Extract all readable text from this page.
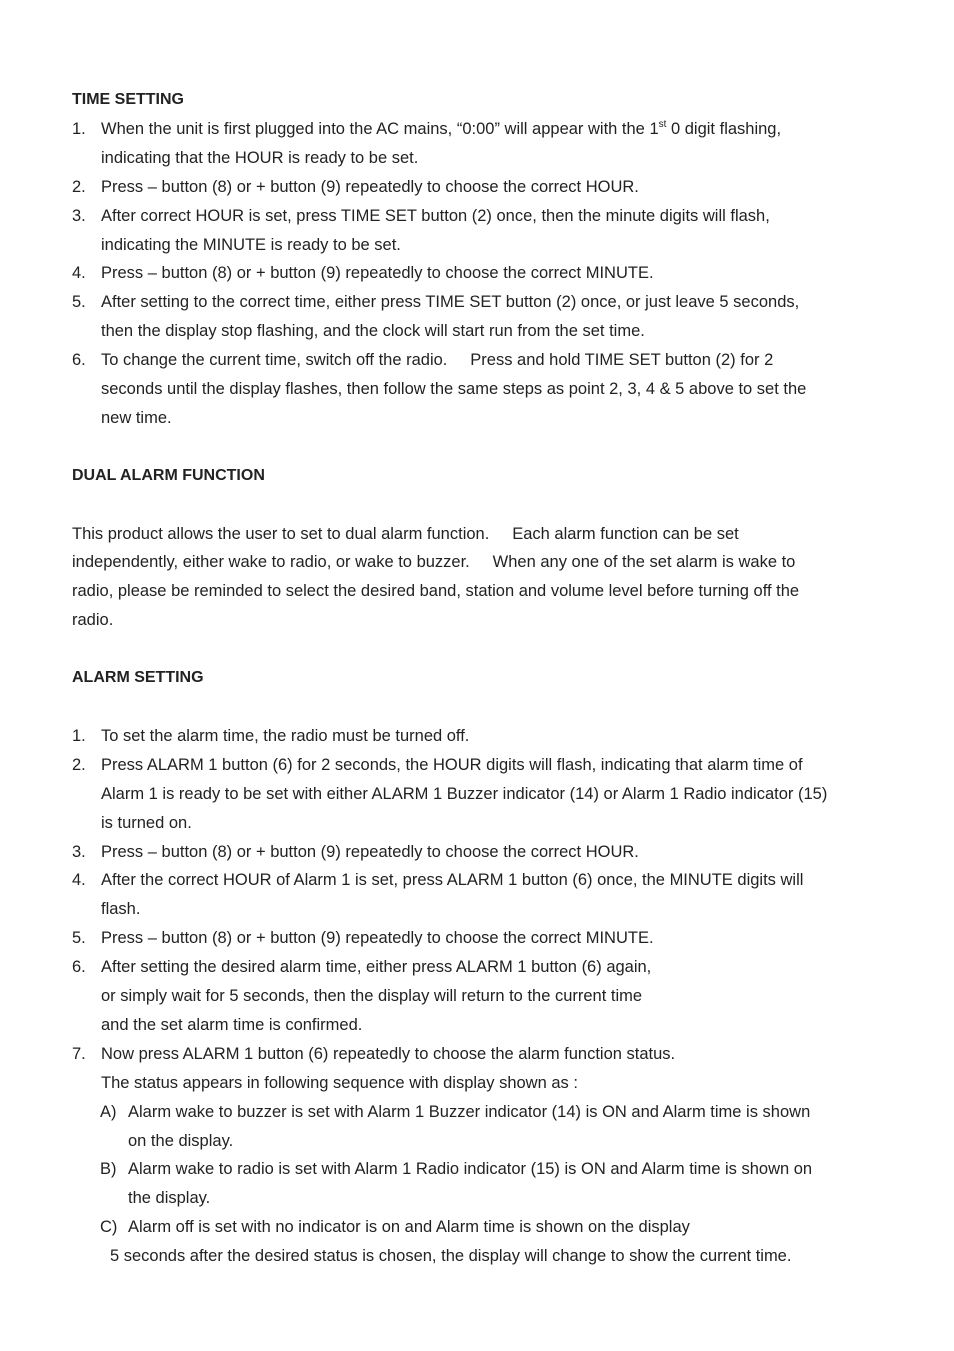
TIME SETTING
1. When the unit is first plugged into the AC mains, “0:00” will appear with the 1st 0 digit flashing,
indicating that the HOUR is ready to be set.
2. Press – button (8) or + button (9) repeatedly to choose the correct HOUR.
3. After correct HOUR is set, press TIME SET button (2) once, then the minute digits will flash,
indicating the MINUTE is ready to be set.
4. Press – button (8) or + button (9) repeatedly to choose the correct MINUTE.
5. After setting to the correct time, either press TIME SET button (2) once, or just leave 5 seconds,
then the display stop flashing, and the clock will start run from the set time.
6. To change the current time, switch off the radio.     Press and hold TIME SET button (2) for 2
seconds until the display flashes, then follow the same steps as point 2, 3, 4 & 5 above to set the
new time.
DUAL ALARM FUNCTION
This product allows the user to set to dual alarm function.     Each alarm function can be set
independently, either wake to radio, or wake to buzzer.     When any one of the set alarm is wake to
radio, please be reminded to select the desired band, station and volume level before turning off the
radio.
ALARM SETTING
1. To set the alarm time, the radio must be turned off.
2. Press ALARM 1 button (6) for 2 seconds, the HOUR digits will flash, indicating that alarm time of
Alarm 1 is ready to be set with either ALARM 1 Buzzer indicator (14) or Alarm 1 Radio indicator (15)
is turned on.
3. Press – button (8) or + button (9) repeatedly to choose the correct HOUR.
4. After the correct HOUR of Alarm 1 is set, press ALARM 1 button (6) once, the MINUTE digits will
flash.
5. Press – button (8) or + button (9) repeatedly to choose the correct MINUTE.
6. After setting the desired alarm time, either press ALARM 1 button (6) again,
or simply wait for 5 seconds, then the display will return to the current time
and the set alarm time is confirmed.
7. Now press ALARM 1 button (6) repeatedly to choose the alarm function status.
The status appears in following sequence with display shown as :
A) Alarm wake to buzzer is set with Alarm 1 Buzzer indicator (14) is ON and Alarm time is shown
on the display.
B) Alarm wake to radio is set with Alarm 1 Radio indicator (15) is ON and Alarm time is shown on
the display.
C) Alarm off is set with no indicator is on and Alarm time is shown on the display
5 seconds after the desired status is chosen, the display will change to show the current time.
